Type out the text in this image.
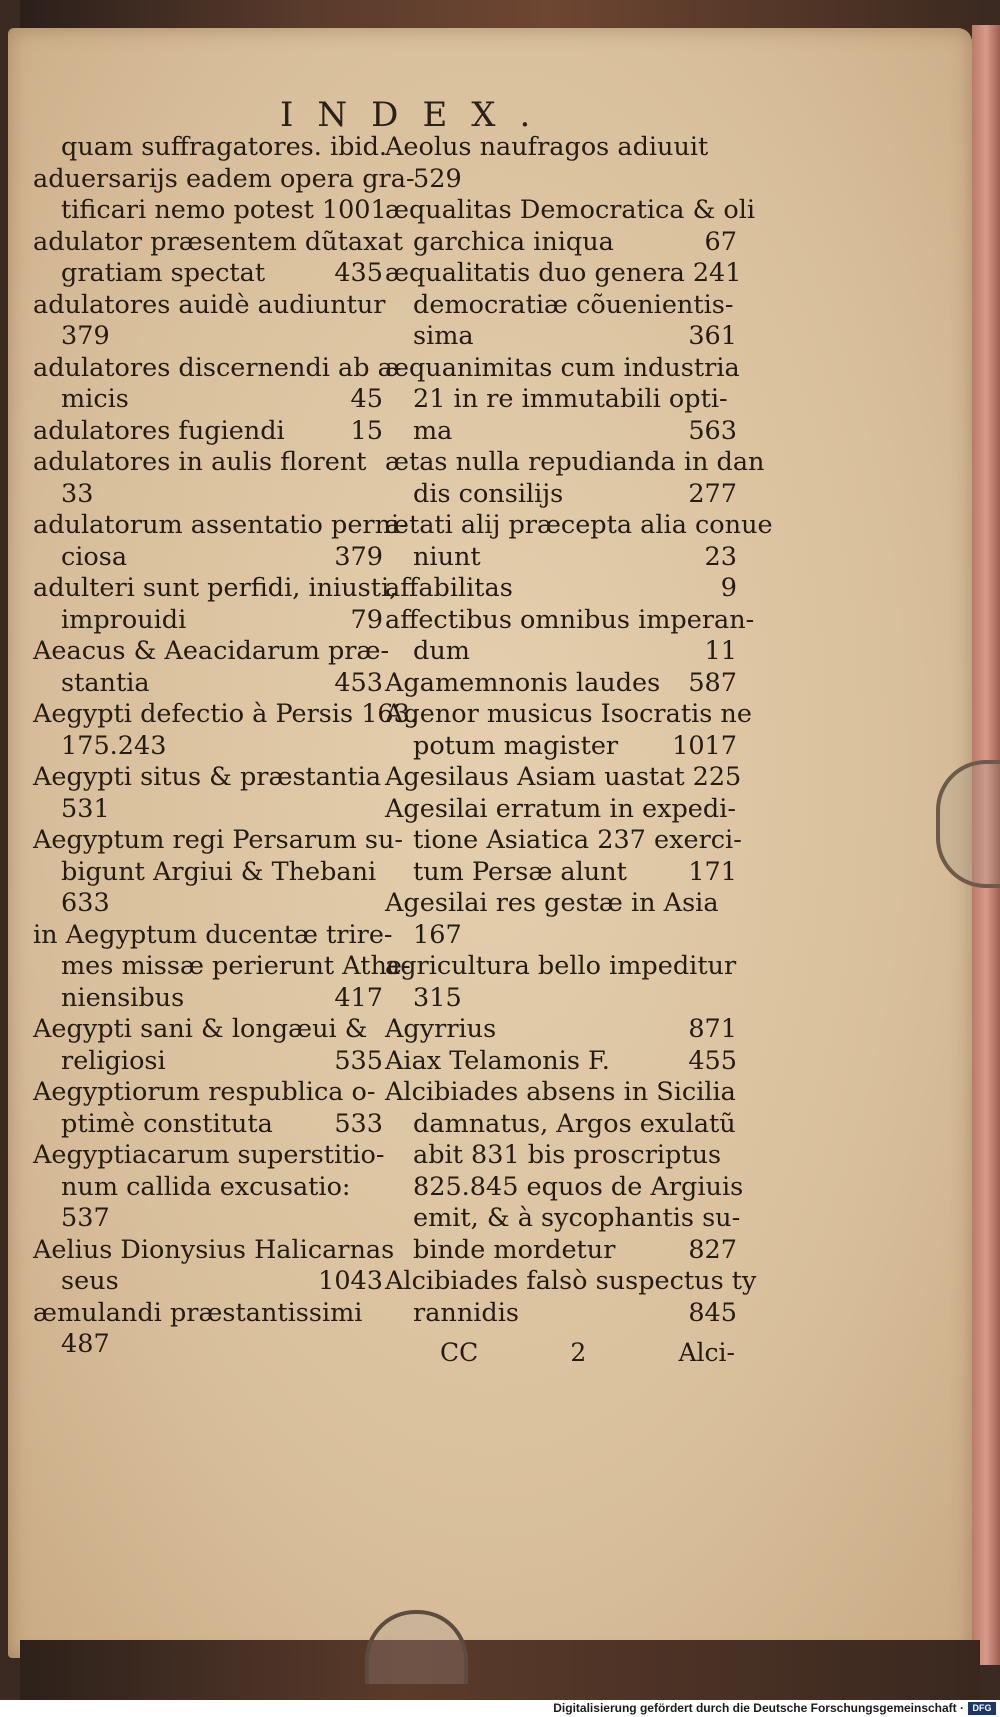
INDEX.
quam suffragatores. ibid.
aduersarijs eadem opera gra-
tificari nemo potest 1001
adulator præsentem dũtaxat
gratiam spectat	435
adulatores auidè audiuntur
379
adulatores discernendi ab a-
micis	45
adulatores fugiendi	15
adulatores in aulis florent
33
adulatorum assentatio perni-
ciosa	379
adulteri sunt perfidi, iniusti,
improuidi	79
Aeacus & Aeacidarum præ-
stantia	453
Aegypti defectio à Persis 163.
175.243
Aegypti situs & præstantia
531
Aegyptum regi Persarum su-
bigunt Argiui & Thebani
633
in Aegyptum ducentæ trire-
mes missæ perierunt Athe-
niensibus	417
Aegypti sani & longæui &
religiosi	535
Aegyptiorum respublica o-
ptimè constituta	533
Aegyptiacarum superstitio-
num callida excusatio:
537
Aelius Dionysius Halicarnas
seus	1043
æmulandi præstantissimi
487
Aeolus naufragos adiuuit
529
æqualitas Democratica & oli
garchica iniqua	67
æqualitatis duo genera 241
democratiæ cõuenientis-
sima	361
æquanimitas cum industria
21 in re immutabili opti-
ma	563
ætas nulla repudianda in dan
dis consilijs	277
ætati alij præcepta alia conue
niunt	23
affabilitas	9
affectibus omnibus imperan-
dum	11
Agamemnonis laudes	587
Agenor musicus Isocratis ne
potum magister	1017
Agesilaus Asiam uastat 225
Agesilai erratum in expedi-
tione Asiatica 237 exerci-
tum Persæ alunt	171
Agesilai res gestæ in Asia
167
agricultura bello impeditur
315
Agyrrius	871
Aiax Telamonis F.	455
Alcibiades absens in Sicilia
damnatus, Argos exulatũ
abit 831 bis proscriptus
825.845 equos de Argiuis
emit, & à sycophantis su-
binde mordetur	827
Alcibiades falsò suspectus ty
rannidis	845
CC	2	Alci-
Digitalisierung gefördert durch die Deutsche Forschungsgemeinschaft · DFG
